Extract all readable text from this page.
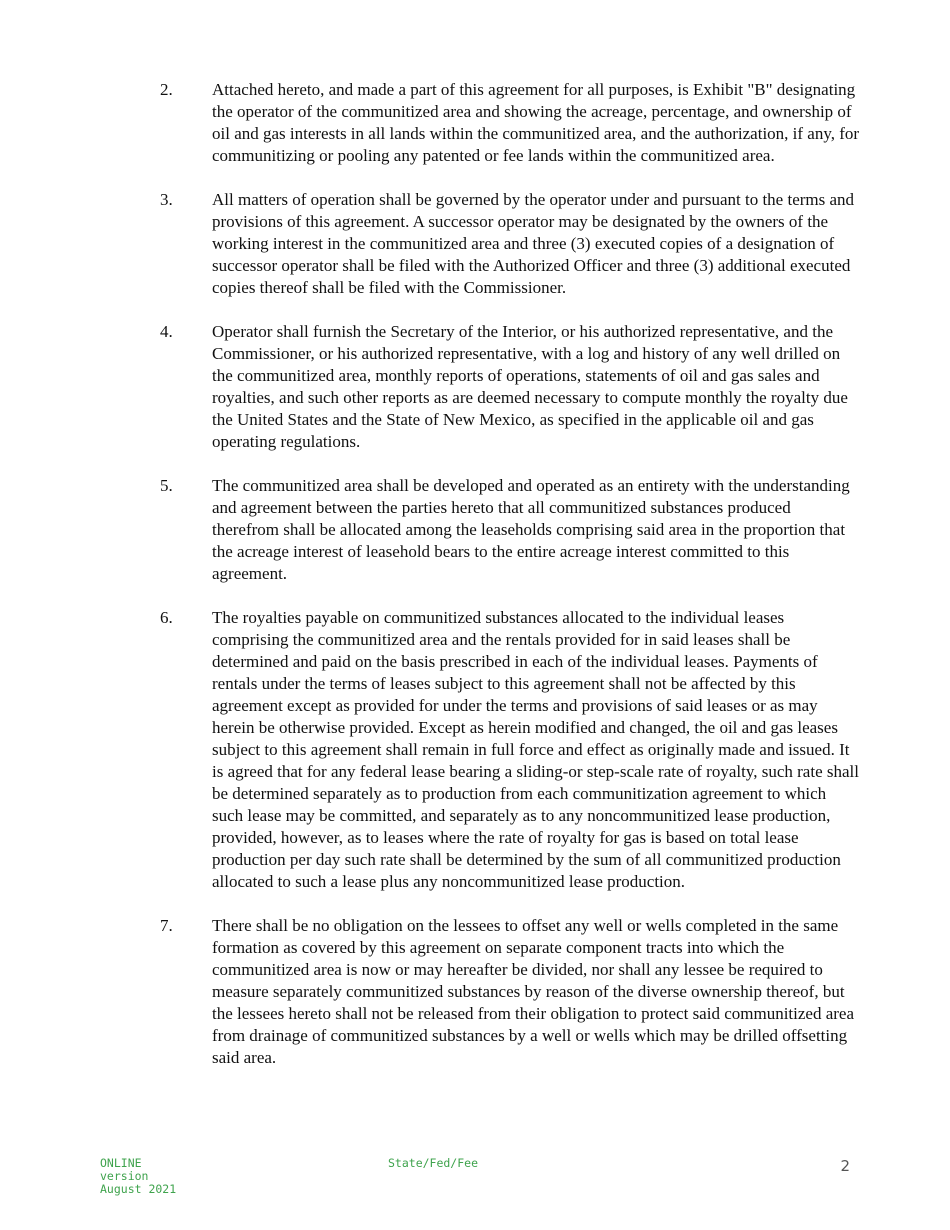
2.	Attached hereto, and made a part of this agreement for all purposes, is Exhibit "B" designating the operator of the communitized area and showing the acreage, percentage, and ownership of oil and gas interests in all lands within the communitized area, and the authorization, if any, for communitizing or pooling any patented or fee lands within the communitized area.
3.	All matters of operation shall be governed by the operator under and pursuant to the terms and provisions of this agreement. A successor operator may be designated by the owners of the working interest in the communitized area and three (3) executed copies of a designation of successor operator shall be filed with the Authorized Officer and three (3) additional executed copies thereof shall be filed with the Commissioner.
4.	Operator shall furnish the Secretary of the Interior, or his authorized representative, and the Commissioner, or his authorized representative, with a log and history of any well drilled on the communitized area, monthly reports of operations, statements of oil and gas sales and royalties, and such other reports as are deemed necessary to compute monthly the royalty due the United States and the State of New Mexico, as specified in the applicable oil and gas operating regulations.
5.	The communitized area shall be developed and operated as an entirety with the understanding and agreement between the parties hereto that all communitized substances produced therefrom shall be allocated among the leaseholds comprising said area in the proportion that the acreage interest of leasehold bears to the entire acreage interest committed to this agreement.
6.	The royalties payable on communitized substances allocated to the individual leases comprising the communitized area and the rentals provided for in said leases shall be determined and paid on the basis prescribed in each of the individual leases. Payments of rentals under the terms of leases subject to this agreement shall not be affected by this agreement except as provided for under the terms and provisions of said leases or as may herein be otherwise provided. Except as herein modified and changed, the oil and gas leases subject to this agreement shall remain in full force and effect as originally made and issued. It is agreed that for any federal lease bearing a sliding-or step-scale rate of royalty, such rate shall be determined separately as to production from each communitization agreement to which such lease may be committed, and separately as to any noncommunitized lease production, provided, however, as to leases where the rate of royalty for gas is based on total lease production per day such rate shall be determined by the sum of all communitized production allocated to such a lease plus any noncommunitized lease production.
7.	There shall be no obligation on the lessees to offset any well or wells completed in the same formation as covered by this agreement on separate component tracts into which the communitized area is now or may hereafter be divided, nor shall any lessee be required to measure separately communitized substances by reason of the diverse ownership thereof, but the lessees hereto shall not be released from their obligation to protect said communitized area from drainage of communitized substances by a well or wells which may be drilled offsetting said area.
ONLINE
version
August 2021
State/Fed/Fee	2
